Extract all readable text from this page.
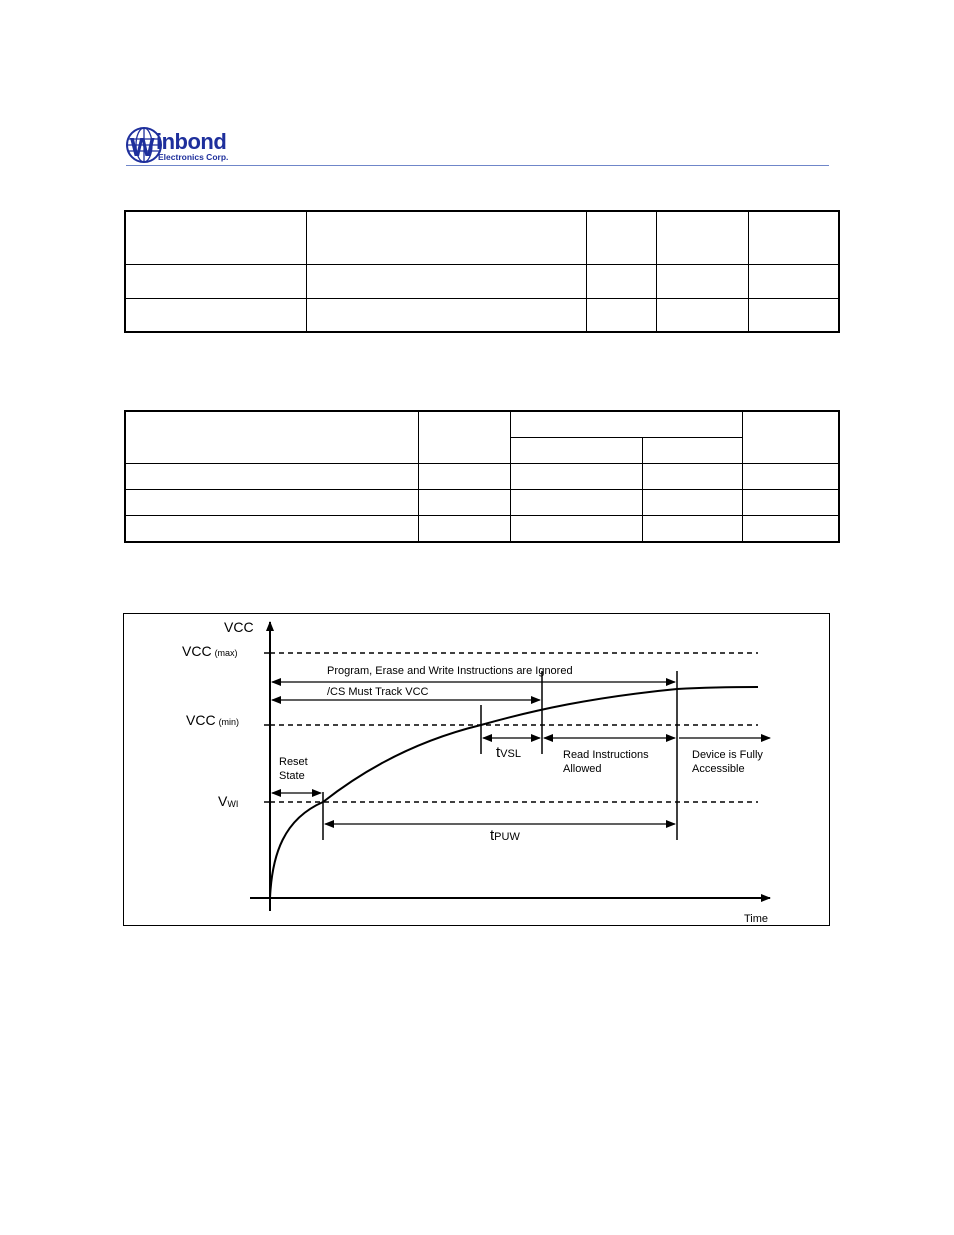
W inbond
Electronics Corp.

VCC
Time
VCC (max)
VCC (min)
VWI
Program, Erase and Write Instructions are Ignored
/CS Must Track VCC
tVSL	Read Instructions
Allowed
Device is Fully
Accessible
Reset
State
tPUW
